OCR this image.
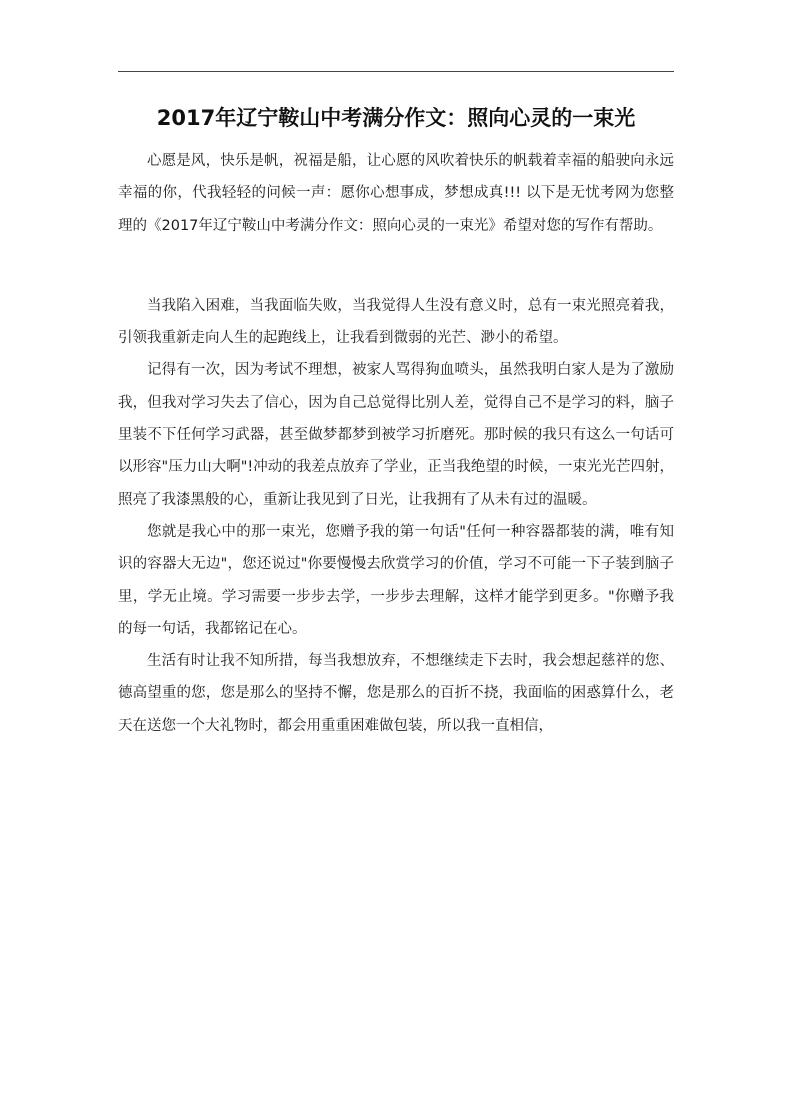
2017年辽宁鞍山中考满分作文：照向心灵的一束光

心愿是风，快乐是帆，祝福是船，让心愿的风吹着快乐的帆载着幸福的船驶向永远幸福的你，代我轻轻的问候一声：愿你心想事成，梦想成真!!! 以下是无忧考网为您整理的《2017年辽宁鞍山中考满分作文：照向心灵的一束光》希望对您的写作有帮助。

当我陷入困难，当我面临失败，当我觉得人生没有意义时，总有一束光照亮着我，引领我重新走向人生的起跑线上，让我看到微弱的光芒、渺小的希望。

记得有一次，因为考试不理想，被家人骂得狗血喷头，虽然我明白家人是为了激励我，但我对学习失去了信心，因为自己总觉得比别人差，觉得自己不是学习的料，脑子里装不下任何学习武器，甚至做梦都梦到被学习折磨死。那时候的我只有这么一句话可以形容"压力山大啊"!冲动的我差点放弃了学业，正当我绝望的时候，一束光光芒四射，照亮了我漆黑般的心，重新让我见到了日光，让我拥有了从未有过的温暖。

您就是我心中的那一束光，您赠予我的第一句话"任何一种容器都装的满，唯有知识的容器大无边"，您还说过"你要慢慢去欣赏学习的价值，学习不可能一下子装到脑子里，学无止境。学习需要一步步去学，一步步去理解，这样才能学到更多。"你赠予我的每一句话，我都铭记在心。

生活有时让我不知所措，每当我想放弃，不想继续走下去时，我会想起慈祥的您、德高望重的您，您是那么的坚持不懈，您是那么的百折不挠，我面临的困惑算什么，老天在送您一个大礼物时，都会用重重困难做包装，所以我一直相信，
